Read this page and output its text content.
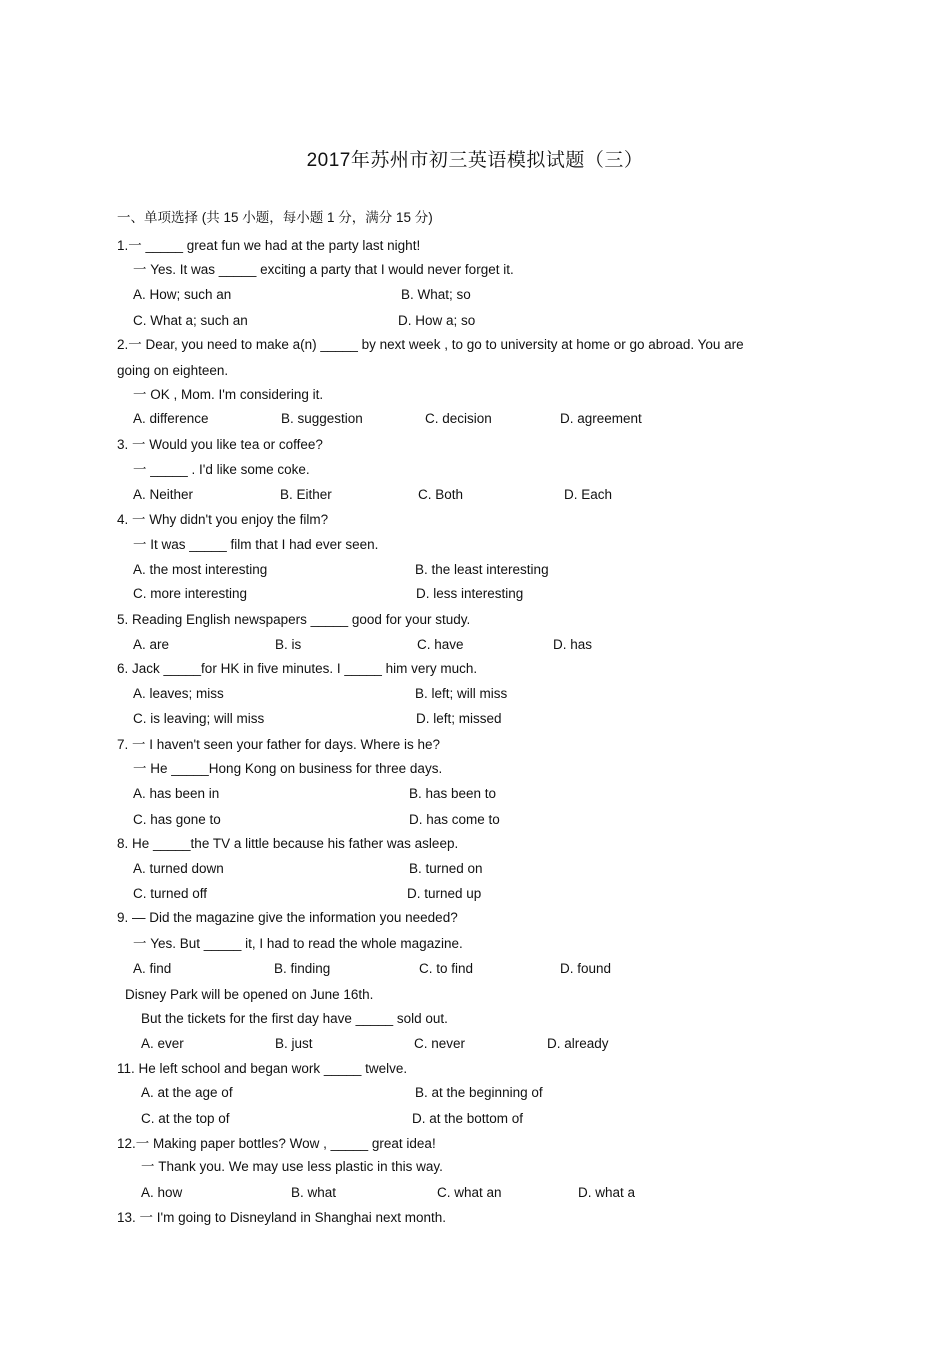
2017年苏州市初三英语模拟试题（三）
一、单项选择 (共 15 小题，每小题 1 分，满分 15 分)
1.一 _____ great fun we had at the party last night!
一 Yes. It was _____ exciting a party that I would never forget it.
A. How; such an	B. What; so
C. What a; such an	D. How a; so
2.一 Dear, you need to make a(n) _____ by next week , to go to university at home or go abroad. You are
going on eighteen.
一 OK , Mom. I'm considering it.
A. difference	B. suggestion	C. decision	D. agreement
3. 一 Would you like tea or coffee?
一 _____ . I'd like some coke.
A. Neither	B. Either	C. Both	D. Each
4. 一 Why didn't you enjoy the film?
一 It was _____ film that I had ever seen.
A. the most interesting	B. the least interesting
C. more interesting	D. less interesting
5. Reading English newspapers _____ good for your study.
A. are	B. is	C. have	D. has
6. Jack _____for HK in five minutes. I _____ him very much.
A. leaves; miss	B. left; will miss
C. is leaving; will miss	D. left; missed
7. 一 I haven't seen your father for days. Where is he?
一 He _____Hong Kong on business for three days.
A. has been in	B. has been to
C. has gone to	D. has come to
8. He _____the TV a little because his father was asleep.
A. turned down	B. turned on
C. turned off	D. turned up
9. — Did the magazine give the information you needed?
一 Yes. But _____ it, I had to read the whole magazine.
A. find	B. finding	C. to find	D. found
Disney Park will be opened on June 16th.
But the tickets for the first day have _____ sold out.
A. ever	B. just	C. never	D. already
11. He left school and began work _____ twelve.
A. at the age of	B. at the beginning of
C. at the top of	D. at the bottom of
12.一 Making paper bottles? Wow , _____ great idea!
一 Thank you. We may use less plastic in this way.
A. how	B. what	C. what an	D. what a
13. 一 I'm going to Disneyland in Shanghai next month.
